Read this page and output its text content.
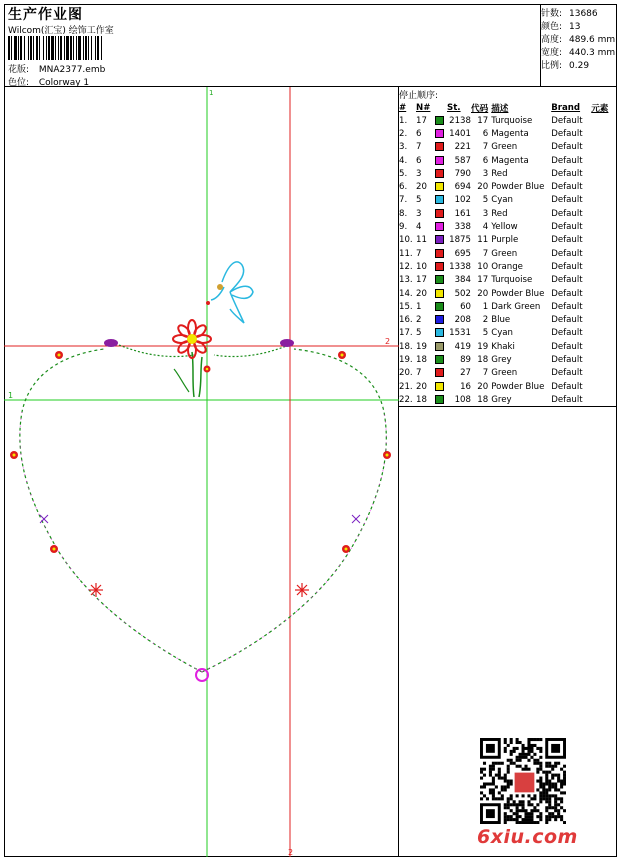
生产作业图
Wilcom(汇宝) 绘饰工作室
花版: MNA2377.emb
色位: Colorway 1
针数: 13686
颜色: 13
高度: 489.6 mm
宽度: 440.3 mm
比例: 0.29
1
2
1
2
停止顺序:
#	N#		St.	代码	描述	Brand	元素
1.	17		2138	17	Turquoise	Default	
2.	6		1401	6	Magenta	Default	
3.	7		221	7	Green	Default	
4.	6		587	6	Magenta	Default	
5.	3		790	3	Red	Default	
6.	20		694	20	Powder Blue	Default	
7.	5		102	5	Cyan	Default	
8.	3		161	3	Red	Default	
9.	4		338	4	Yellow	Default	
10.	11		1875	11	Purple	Default	
11.	7		695	7	Green	Default	
12.	10		1338	10	Orange	Default	
13.	17		384	17	Turquoise	Default	
14.	20		502	20	Powder Blue	Default	
15.	1		60	1	Dark Green	Default	
16.	2		208	2	Blue	Default	
17.	5		1531	5	Cyan	Default	
18.	19		419	19	Khaki	Default	
19.	18		89	18	Grey	Default	
20.	7		27	7	Green	Default	
21.	20		16	20	Powder Blue	Default	
22.	18		108	18	Grey	Default	
6xiu.com
